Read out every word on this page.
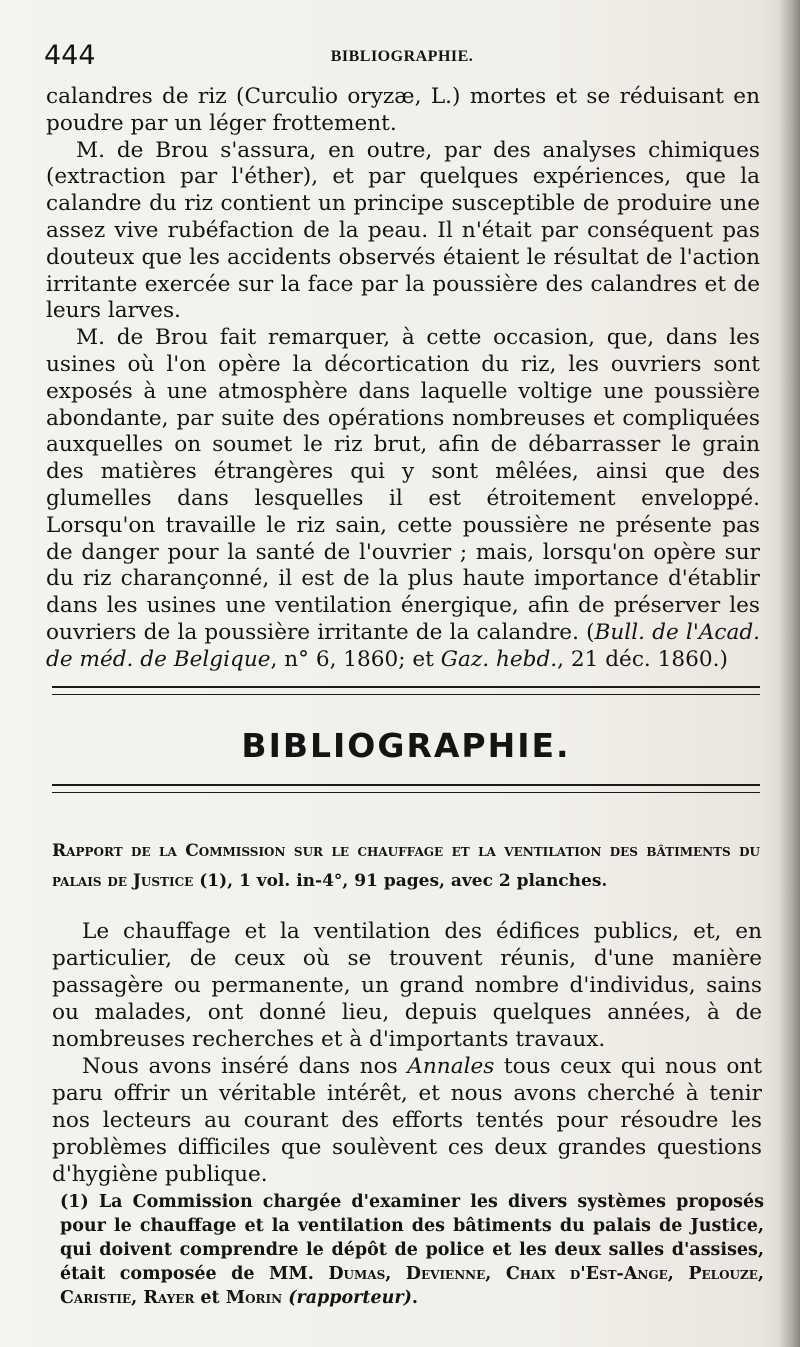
444	BIBLIOGRAPHIE.

calandres de riz (Curculio oryzæ, L.) mortes et se réduisant en poudre par un léger frottement.

M. de Brou s'assura, en outre, par des analyses chimiques (extraction par l'éther), et par quelques expériences, que la calandre du riz contient un principe susceptible de produire une assez vive rubéfaction de la peau. Il n'était par conséquent pas douteux que les accidents observés étaient le résultat de l'action irritante exercée sur la face par la poussière des calandres et de leurs larves.

M. de Brou fait remarquer, à cette occasion, que, dans les usines où l'on opère la décortication du riz, les ouvriers sont exposés à une atmosphère dans laquelle voltige une poussière abondante, par suite des opérations nombreuses et compliquées auxquelles on soumet le riz brut, afin de débarrasser le grain des matières étrangères qui y sont mêlées, ainsi que des glumelles dans lesquelles il est étroitement enveloppé. Lorsqu'on travaille le riz sain, cette poussière ne présente pas de danger pour la santé de l'ouvrier ; mais, lorsqu'on opère sur du riz charançonné, il est de la plus haute importance d'établir dans les usines une ventilation énergique, afin de préserver les ouvriers de la poussière irritante de la calandre. (Bull. de l'Acad. de méd. de Belgique, n° 6, 1860; et Gaz. hebd., 21 déc. 1860.)

BIBLIOGRAPHIE.
Rapport de la Commission sur le chauffage et la ventilation des bâtiments du palais de Justice (1), 1 vol. in-4°, 91 pages, avec 2 planches.

Le chauffage et la ventilation des édifices publics, et, en particulier, de ceux où se trouvent réunis, d'une manière passagère ou permanente, un grand nombre d'individus, sains ou malades, ont donné lieu, depuis quelques années, à de nombreuses recherches et à d'importants travaux.

Nous avons inséré dans nos Annales tous ceux qui nous ont paru offrir un véritable intérêt, et nous avons cherché à tenir nos lecteurs au courant des efforts tentés pour résoudre les problèmes difficiles que soulèvent ces deux grandes questions d'hygiène publique.

(1) La Commission chargée d'examiner les divers systèmes proposés pour le chauffage et la ventilation des bâtiments du palais de Justice, qui doivent comprendre le dépôt de police et les deux salles d'assises, était composée de MM. Dumas, Devienne, Chaix d'Est-Ange, Pelouze, Caristie, Rayer et Morin (rapporteur).
